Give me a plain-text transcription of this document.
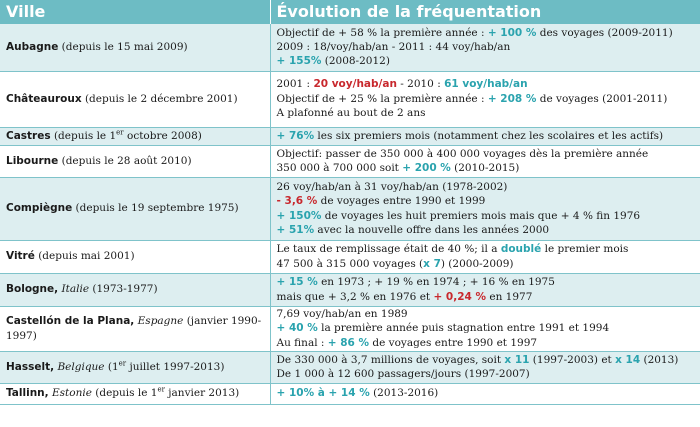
Ville	Évolution de la fréquentation
Aubagne (depuis le 15 mai 2009)	Objectif de + 58 % la première année : + 100 % des voyages (2009-2011)
2009 : 18/voy/hab/an - 2011 : 44 voy/hab/an
+ 155% (2008-2012)

Châteauroux (depuis le 2 décembre 2001)	2001 : 20 voy/hab/an - 2010 : 61 voy/hab/an
Objectif de + 25 % la première année : + 208 % de voyages (2001-2011)
A plafonné au bout de 2 ans

Castres (depuis le 1er octobre 2008)	+ 76% les six premiers mois (notamment chez les scolaires et les actifs)

Libourne (depuis le 28 août 2010)	Objectif: passer de 350 000 à 400 000 voyages dès la première année
350 000 à 700 000 soit + 200 % (2010-2015)

Compiègne (depuis le 19 septembre 1975)	26 voy/hab/an à 31 voy/hab/an (1978-2002)
- 3,6 % de voyages entre 1990 et 1999
+ 150% de voyages les huit premiers mois mais que + 4 % fin 1976
+ 51% avec la nouvelle offre dans les années 2000

Vitré (depuis mai 2001)	Le taux de remplissage était de 40 %; il a doublé le premier mois
47 500 à 315 000 voyages (x 7) (2000-2009)

Bologne, Italie (1973-1977)	+ 15 % en 1973 ; + 19 % en 1974 ; + 16 % en 1975
mais que + 3,2 % en 1976 et + 0,24 % en 1977

Castellón de la Plana, Espagne (janvier 1990-1997)	7,69 voy/hab/an en 1989
+ 40 % la première année puis stagnation entre 1991 et 1994
Au final : + 86 % de voyages entre 1990 et 1997

Hasselt, Belgique (1er juillet 1997-2013)	De 330 000 à 3,7 millions de voyages, soit x 11 (1997-2003) et x 14 (2013)
De 1 000 à 12 600 passagers/jours (1997-2007)

Tallinn, Estonie (depuis le 1er janvier 2013)	+ 10% à + 14 % (2013-2016)
